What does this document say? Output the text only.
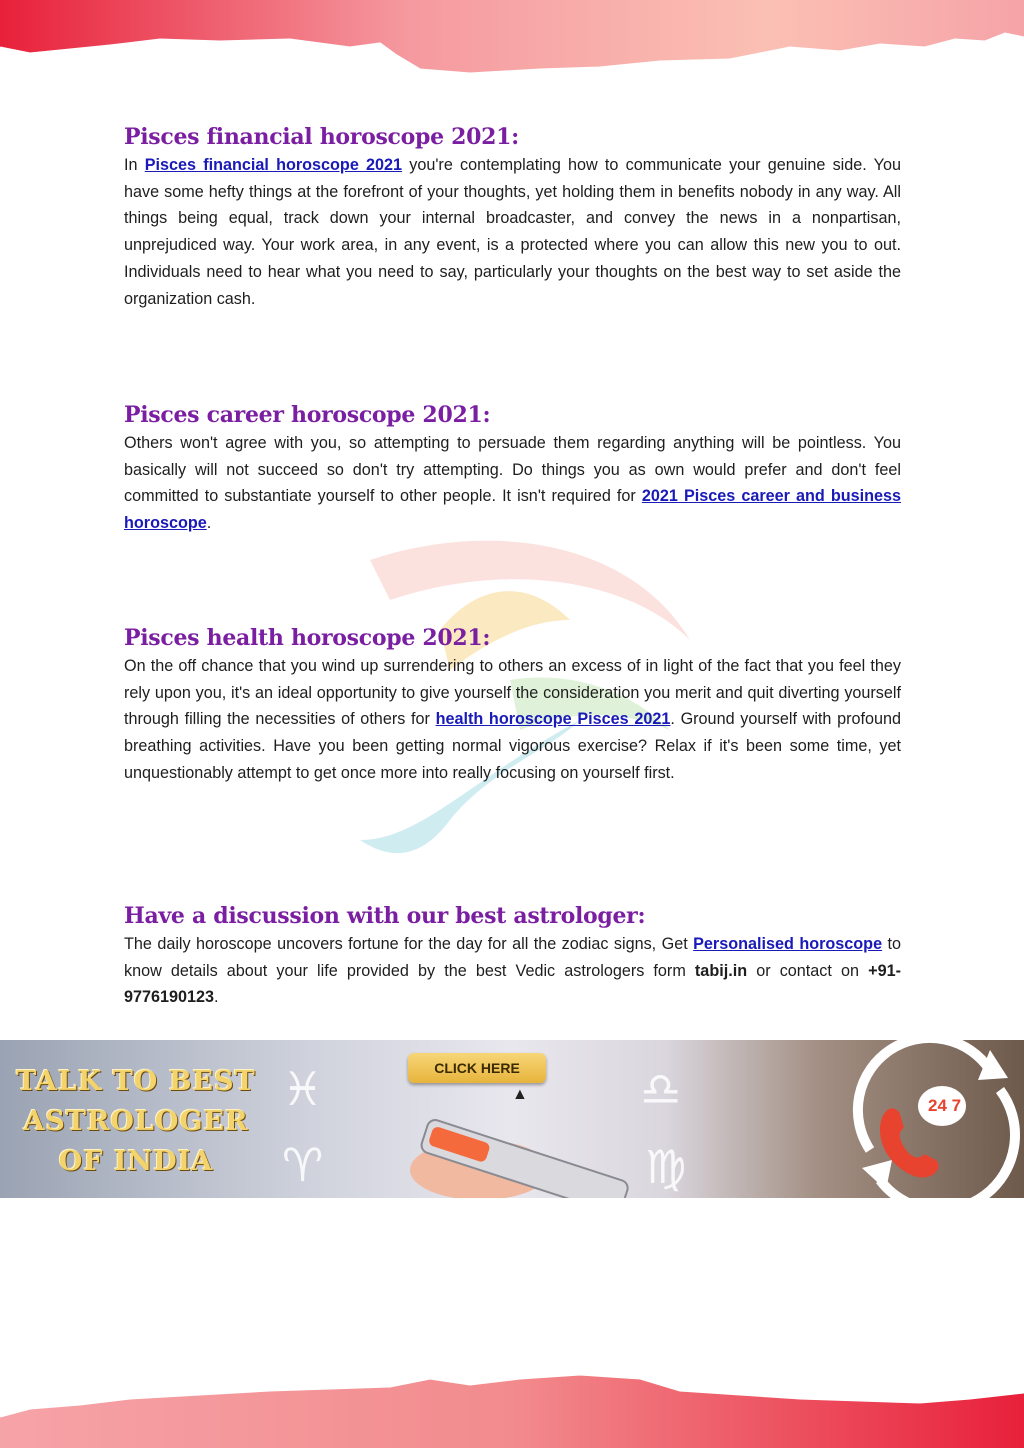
Pisces financial horoscope 2021:

In Pisces financial horoscope 2021 you're contemplating how to communicate your genuine side. You have some hefty things at the forefront of your thoughts, yet holding them in benefits nobody in any way. All things being equal, track down your internal broadcaster, and convey the news in a nonpartisan, unprejudiced way. Your work area, in any event, is a protected where you can allow this new you to out. Individuals need to hear what you need to say, particularly your thoughts on the best way to set aside the organization cash.

Pisces career horoscope 2021:

Others won't agree with you, so attempting to persuade them regarding anything will be pointless. You basically will not succeed so don't try attempting. Do things you as own would prefer and don't feel committed to substantiate yourself to other people. It isn't required for 2021 Pisces career and business horoscope.

Pisces health horoscope 2021:

On the off chance that you wind up surrendering to others an excess of in light of the fact that you feel they rely upon you, it's an ideal opportunity to give yourself the consideration you merit and quit diverting yourself through filling the necessities of others for health horoscope Pisces 2021. Ground yourself with profound breathing activities. Have you been getting normal vigorous exercise? Relax if it's been some time, yet unquestionably attempt to get once more into really focusing on yourself first.

Have a discussion with our best astrologer:

The daily horoscope uncovers fortune for the day for all the zodiac signs, Get Personalised horoscope to know details about your life provided by the best Vedic astrologers form tabij.in or contact on +91-9776190123.

TALK TO BEST
ASTROLOGER
OF INDIA
♓
♈
♎
♍
CLICK HERE
▲
24 7
